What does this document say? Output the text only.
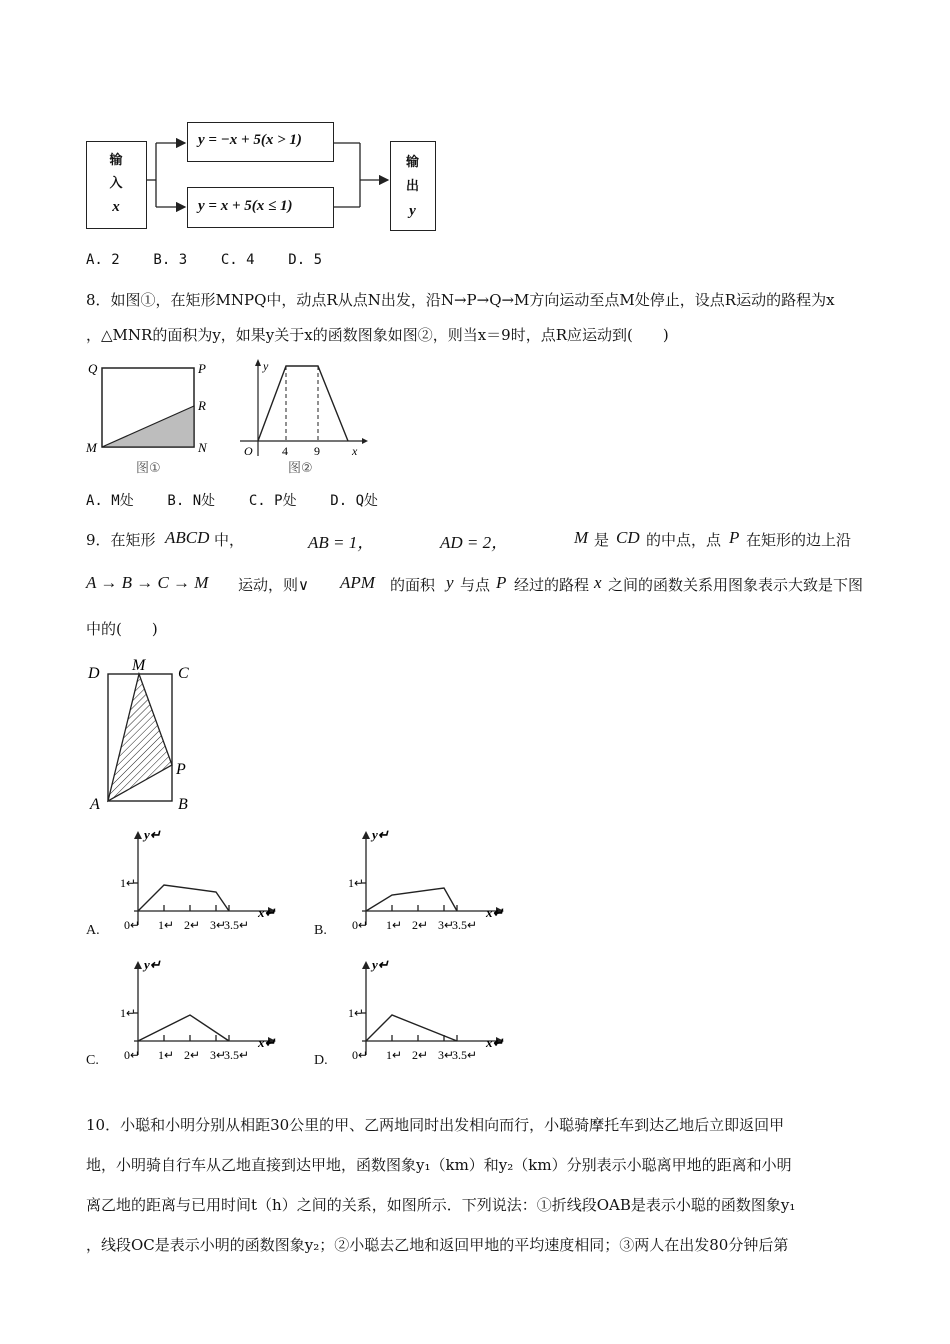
输
入
x
y = −x + 5(x > 1)
y = x + 5(x ≤ 1)
输
出
y
A. 2    B. 3    C. 4    D. 5
8．如图①，在矩形MNPQ中，动点R从点N出发，沿N→P→Q→M方向运动至点M处停止，设点R运动的路程为x
，△MNR的面积为y，如果y关于x的函数图象如图②，则当x＝9时，点R应运动到(　　)
Q	P
R
M	N
图①
y
O 4 9	x
图②
A. M处    B. N处    C. P处    D. Q处
9．在矩形 ABCD 中，	AB = 1，	AD = 2，	M 是 CD 的中点，点 P 在矩形的边上沿
A → B → C → M 运动，则∨ APM 的面积 y 与点 P 经过的路程 x 之间的函数关系用图象表示大致是下图
中的(　　)
D M C
P
A	B
A.
y↵
1↵
0↵ 1↵ 2↵ 3↵
3.5↵
x↵
B.
y↵
1↵
0↵ 1↵ 2↵ 3↵
3.5↵
x↵
C.
y↵
1↵
0↵ 1↵ 2↵ 3↵
3.5↵
x↵
D.
y↵
1↵
0↵ 1↵ 2↵ 3↵
3.5↵
x↵
10．小聪和小明分别从相距30公里的甲、乙两地同时出发相向而行，小聪骑摩托车到达乙地后立即返回甲
地，小明骑自行车从乙地直接到达甲地，函数图象y₁（km）和y₂（km）分别表示小聪离甲地的距离和小明
离乙地的距离与已用时间t（h）之间的关系，如图所示．下列说法：①折线段OAB是表示小聪的函数图象y₁
，线段OC是表示小明的函数图象y₂；②小聪去乙地和返回甲地的平均速度相同；③两人在出发80分钟后第
